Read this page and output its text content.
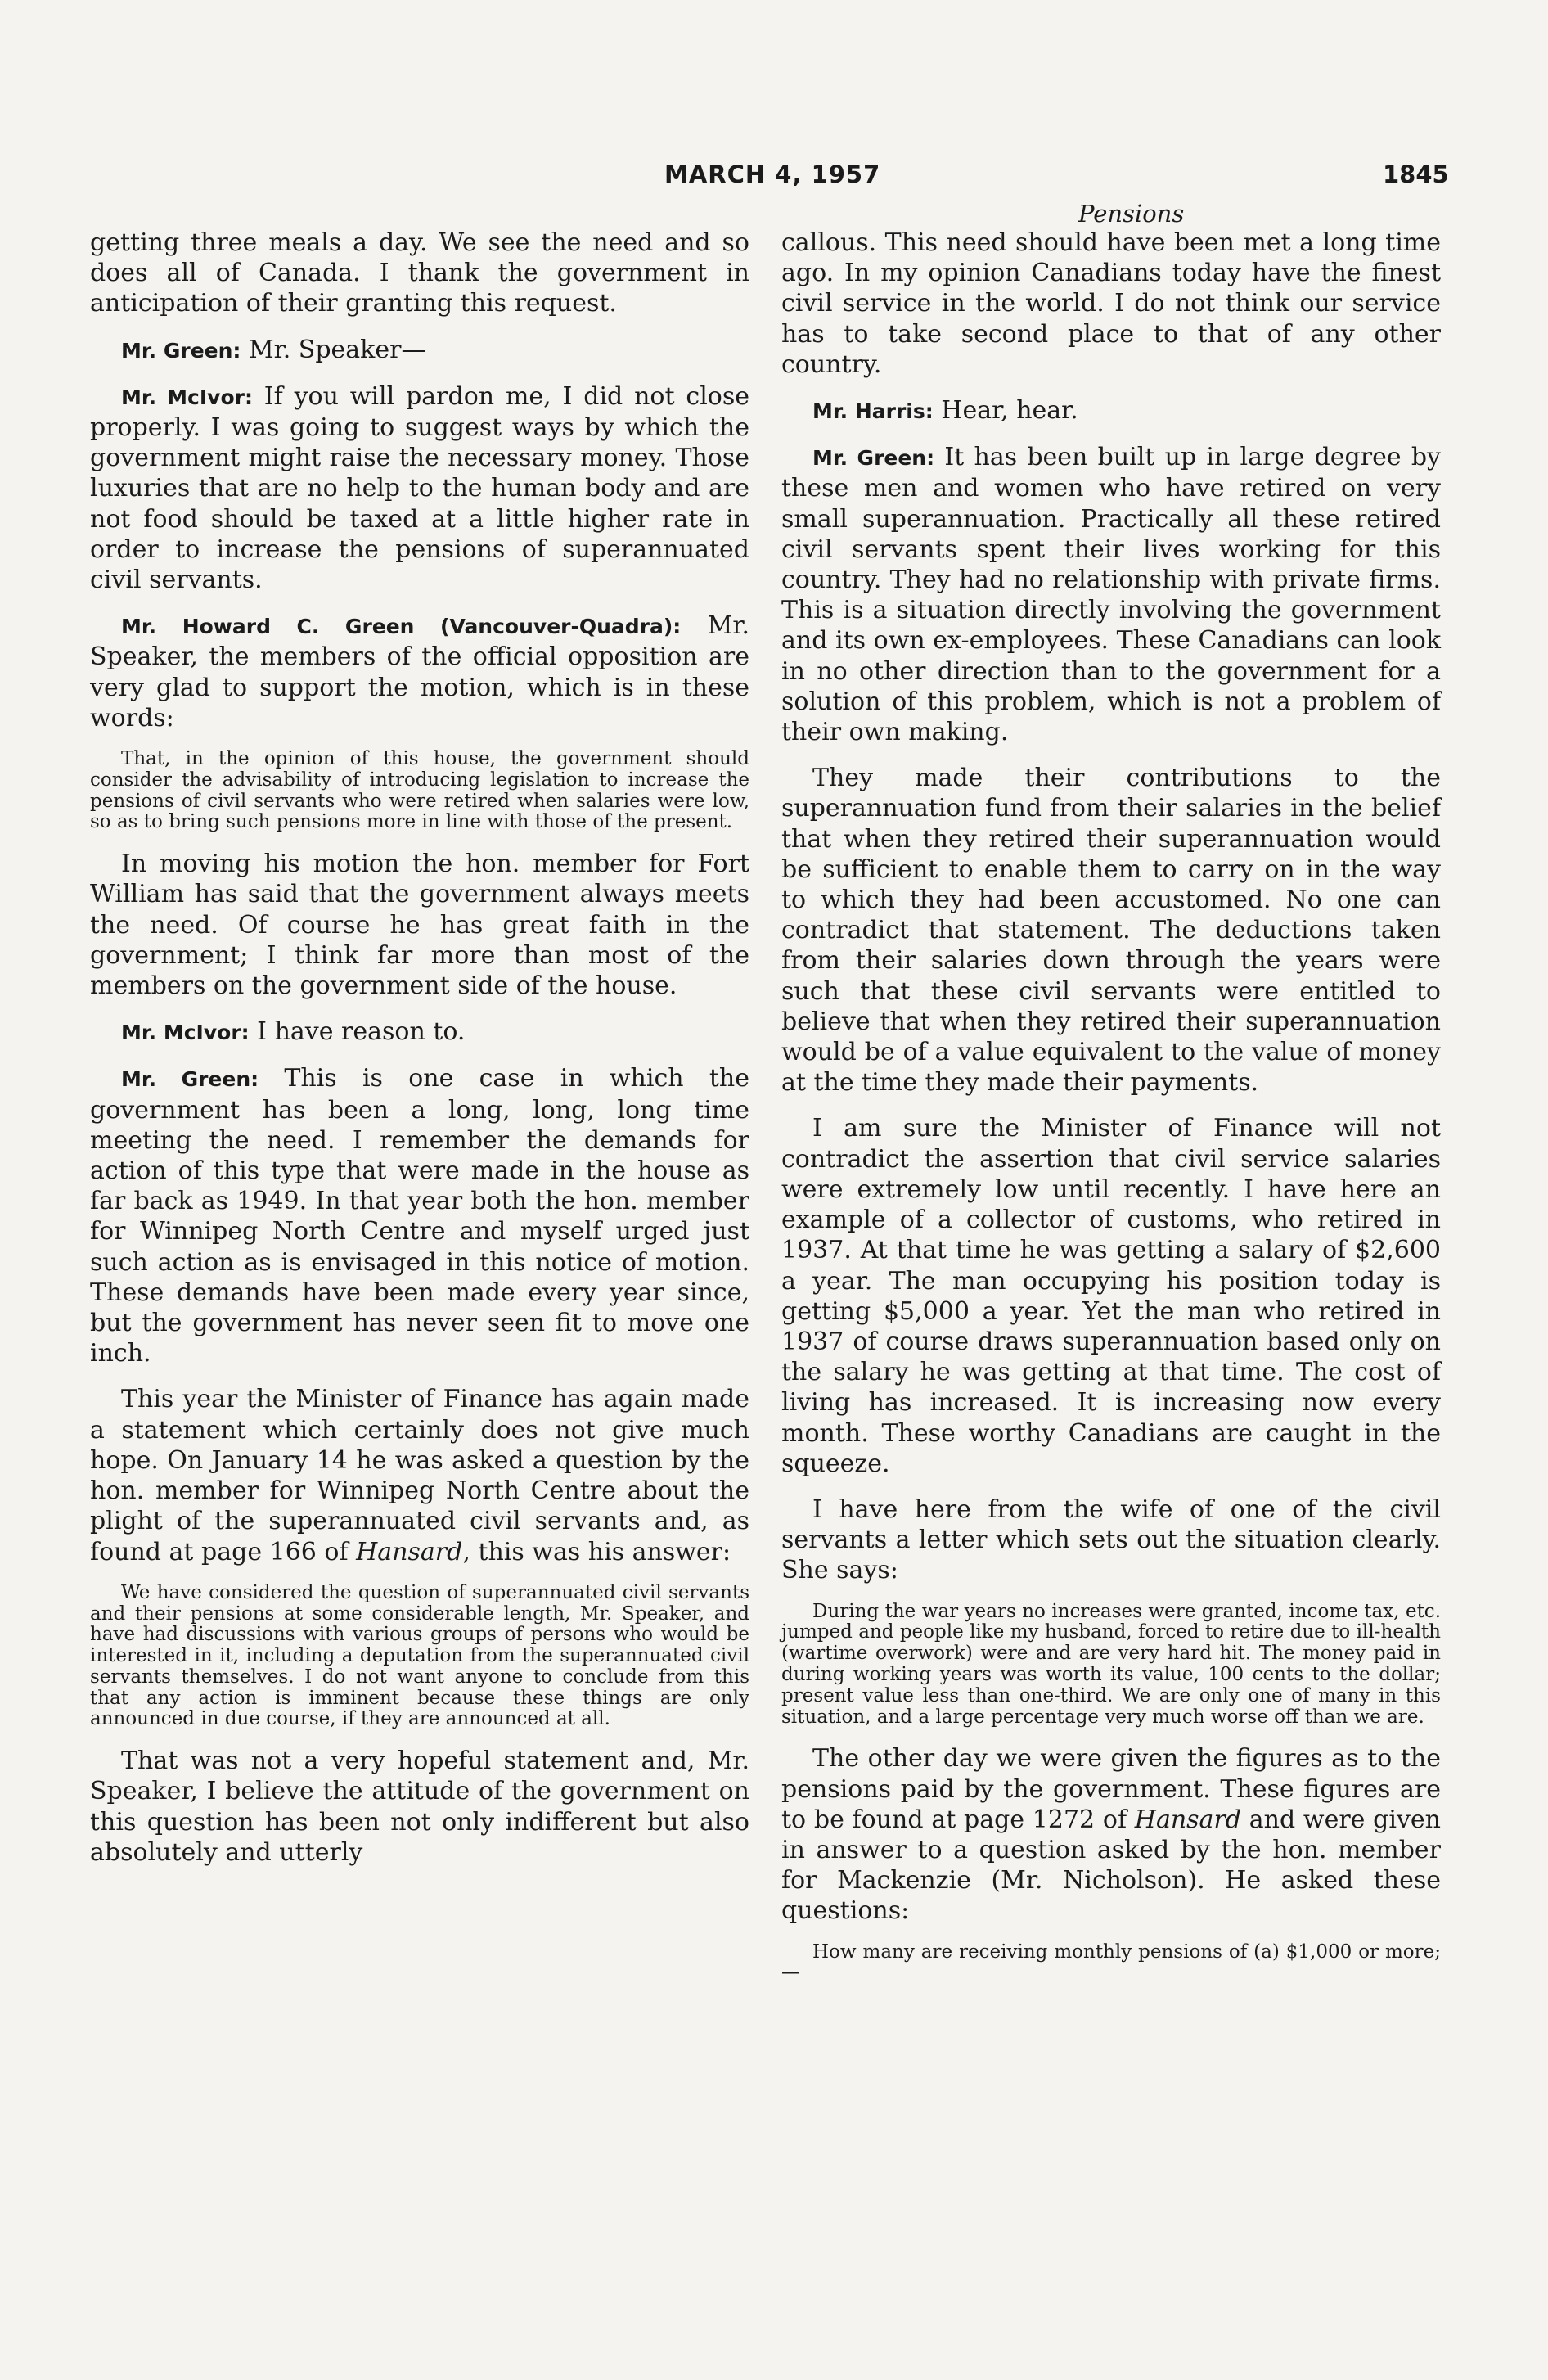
MARCH 4, 1957	1845
Pensions

getting three meals a day. We see the need and so does all of Canada. I thank the government in anticipation of their granting this request.

Mr. Green: Mr. Speaker—

Mr. McIvor: If you will pardon me, I did not close properly. I was going to suggest ways by which the government might raise the necessary money. Those luxuries that are no help to the human body and are not food should be taxed at a little higher rate in order to increase the pensions of superannuated civil servants.

Mr. Howard C. Green (Vancouver-Quadra): Mr. Speaker, the members of the official opposition are very glad to support the motion, which is in these words:

That, in the opinion of this house, the government should consider the advisability of introducing legislation to increase the pensions of civil servants who were retired when salaries were low, so as to bring such pensions more in line with those of the present.

In moving his motion the hon. member for Fort William has said that the government always meets the need. Of course he has great faith in the government; I think far more than most of the members on the government side of the house.

Mr. McIvor: I have reason to.

Mr. Green: This is one case in which the government has been a long, long, long time meeting the need. I remember the demands for action of this type that were made in the house as far back as 1949. In that year both the hon. member for Winnipeg North Centre and myself urged just such action as is envisaged in this notice of motion. These demands have been made every year since, but the government has never seen fit to move one inch.

This year the Minister of Finance has again made a statement which certainly does not give much hope. On January 14 he was asked a question by the hon. member for Winnipeg North Centre about the plight of the superannuated civil servants and, as found at page 166 of Hansard, this was his answer:

We have considered the question of superannuated civil servants and their pensions at some considerable length, Mr. Speaker, and have had discussions with various groups of persons who would be interested in it, including a deputation from the superannuated civil servants themselves. I do not want anyone to conclude from this that any action is imminent because these things are only announced in due course, if they are announced at all.

That was not a very hopeful statement and, Mr. Speaker, I believe the attitude of the government on this question has been not only indifferent but also absolutely and utterly

callous. This need should have been met a long time ago. In my opinion Canadians today have the finest civil service in the world. I do not think our service has to take second place to that of any other country.

Mr. Harris: Hear, hear.

Mr. Green: It has been built up in large degree by these men and women who have retired on very small superannuation. Practically all these retired civil servants spent their lives working for this country. They had no relationship with private firms. This is a situation directly involving the government and its own ex-employees. These Canadians can look in no other direction than to the government for a solution of this problem, which is not a problem of their own making.

They made their contributions to the superannuation fund from their salaries in the belief that when they retired their superannuation would be sufficient to enable them to carry on in the way to which they had been accustomed. No one can contradict that statement. The deductions taken from their salaries down through the years were such that these civil servants were entitled to believe that when they retired their superannuation would be of a value equivalent to the value of money at the time they made their payments.

I am sure the Minister of Finance will not contradict the assertion that civil service salaries were extremely low until recently. I have here an example of a collector of customs, who retired in 1937. At that time he was getting a salary of $2,600 a year. The man occupying his position today is getting $5,000 a year. Yet the man who retired in 1937 of course draws superannuation based only on the salary he was getting at that time. The cost of living has increased. It is increasing now every month. These worthy Canadians are caught in the squeeze.

I have here from the wife of one of the civil servants a letter which sets out the situation clearly. She says:

During the war years no increases were granted, income tax, etc. jumped and people like my husband, forced to retire due to ill-health (wartime overwork) were and are very hard hit. The money paid in during working years was worth its value, 100 cents to the dollar; present value less than one-third. We are only one of many in this situation, and a large percentage very much worse off than we are.

The other day we were given the figures as to the pensions paid by the government. These figures are to be found at page 1272 of Hansard and were given in answer to a question asked by the hon. member for Mackenzie (Mr. Nicholson). He asked these questions:

How many are receiving monthly pensions of (a) $1,000 or more;—
